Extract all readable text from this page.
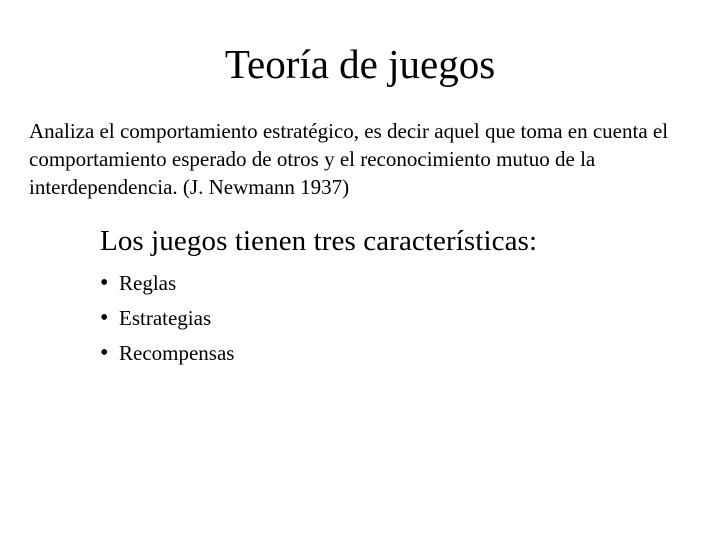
Teoría de juegos

Analiza el comportamiento estratégico, es decir aquel que toma en cuenta el comportamiento esperado de otros y el reconocimiento mutuo de la interdependencia. (J. Newmann 1937)

Los juegos tienen tres características:

• Reglas
• Estrategias
• Recompensas
